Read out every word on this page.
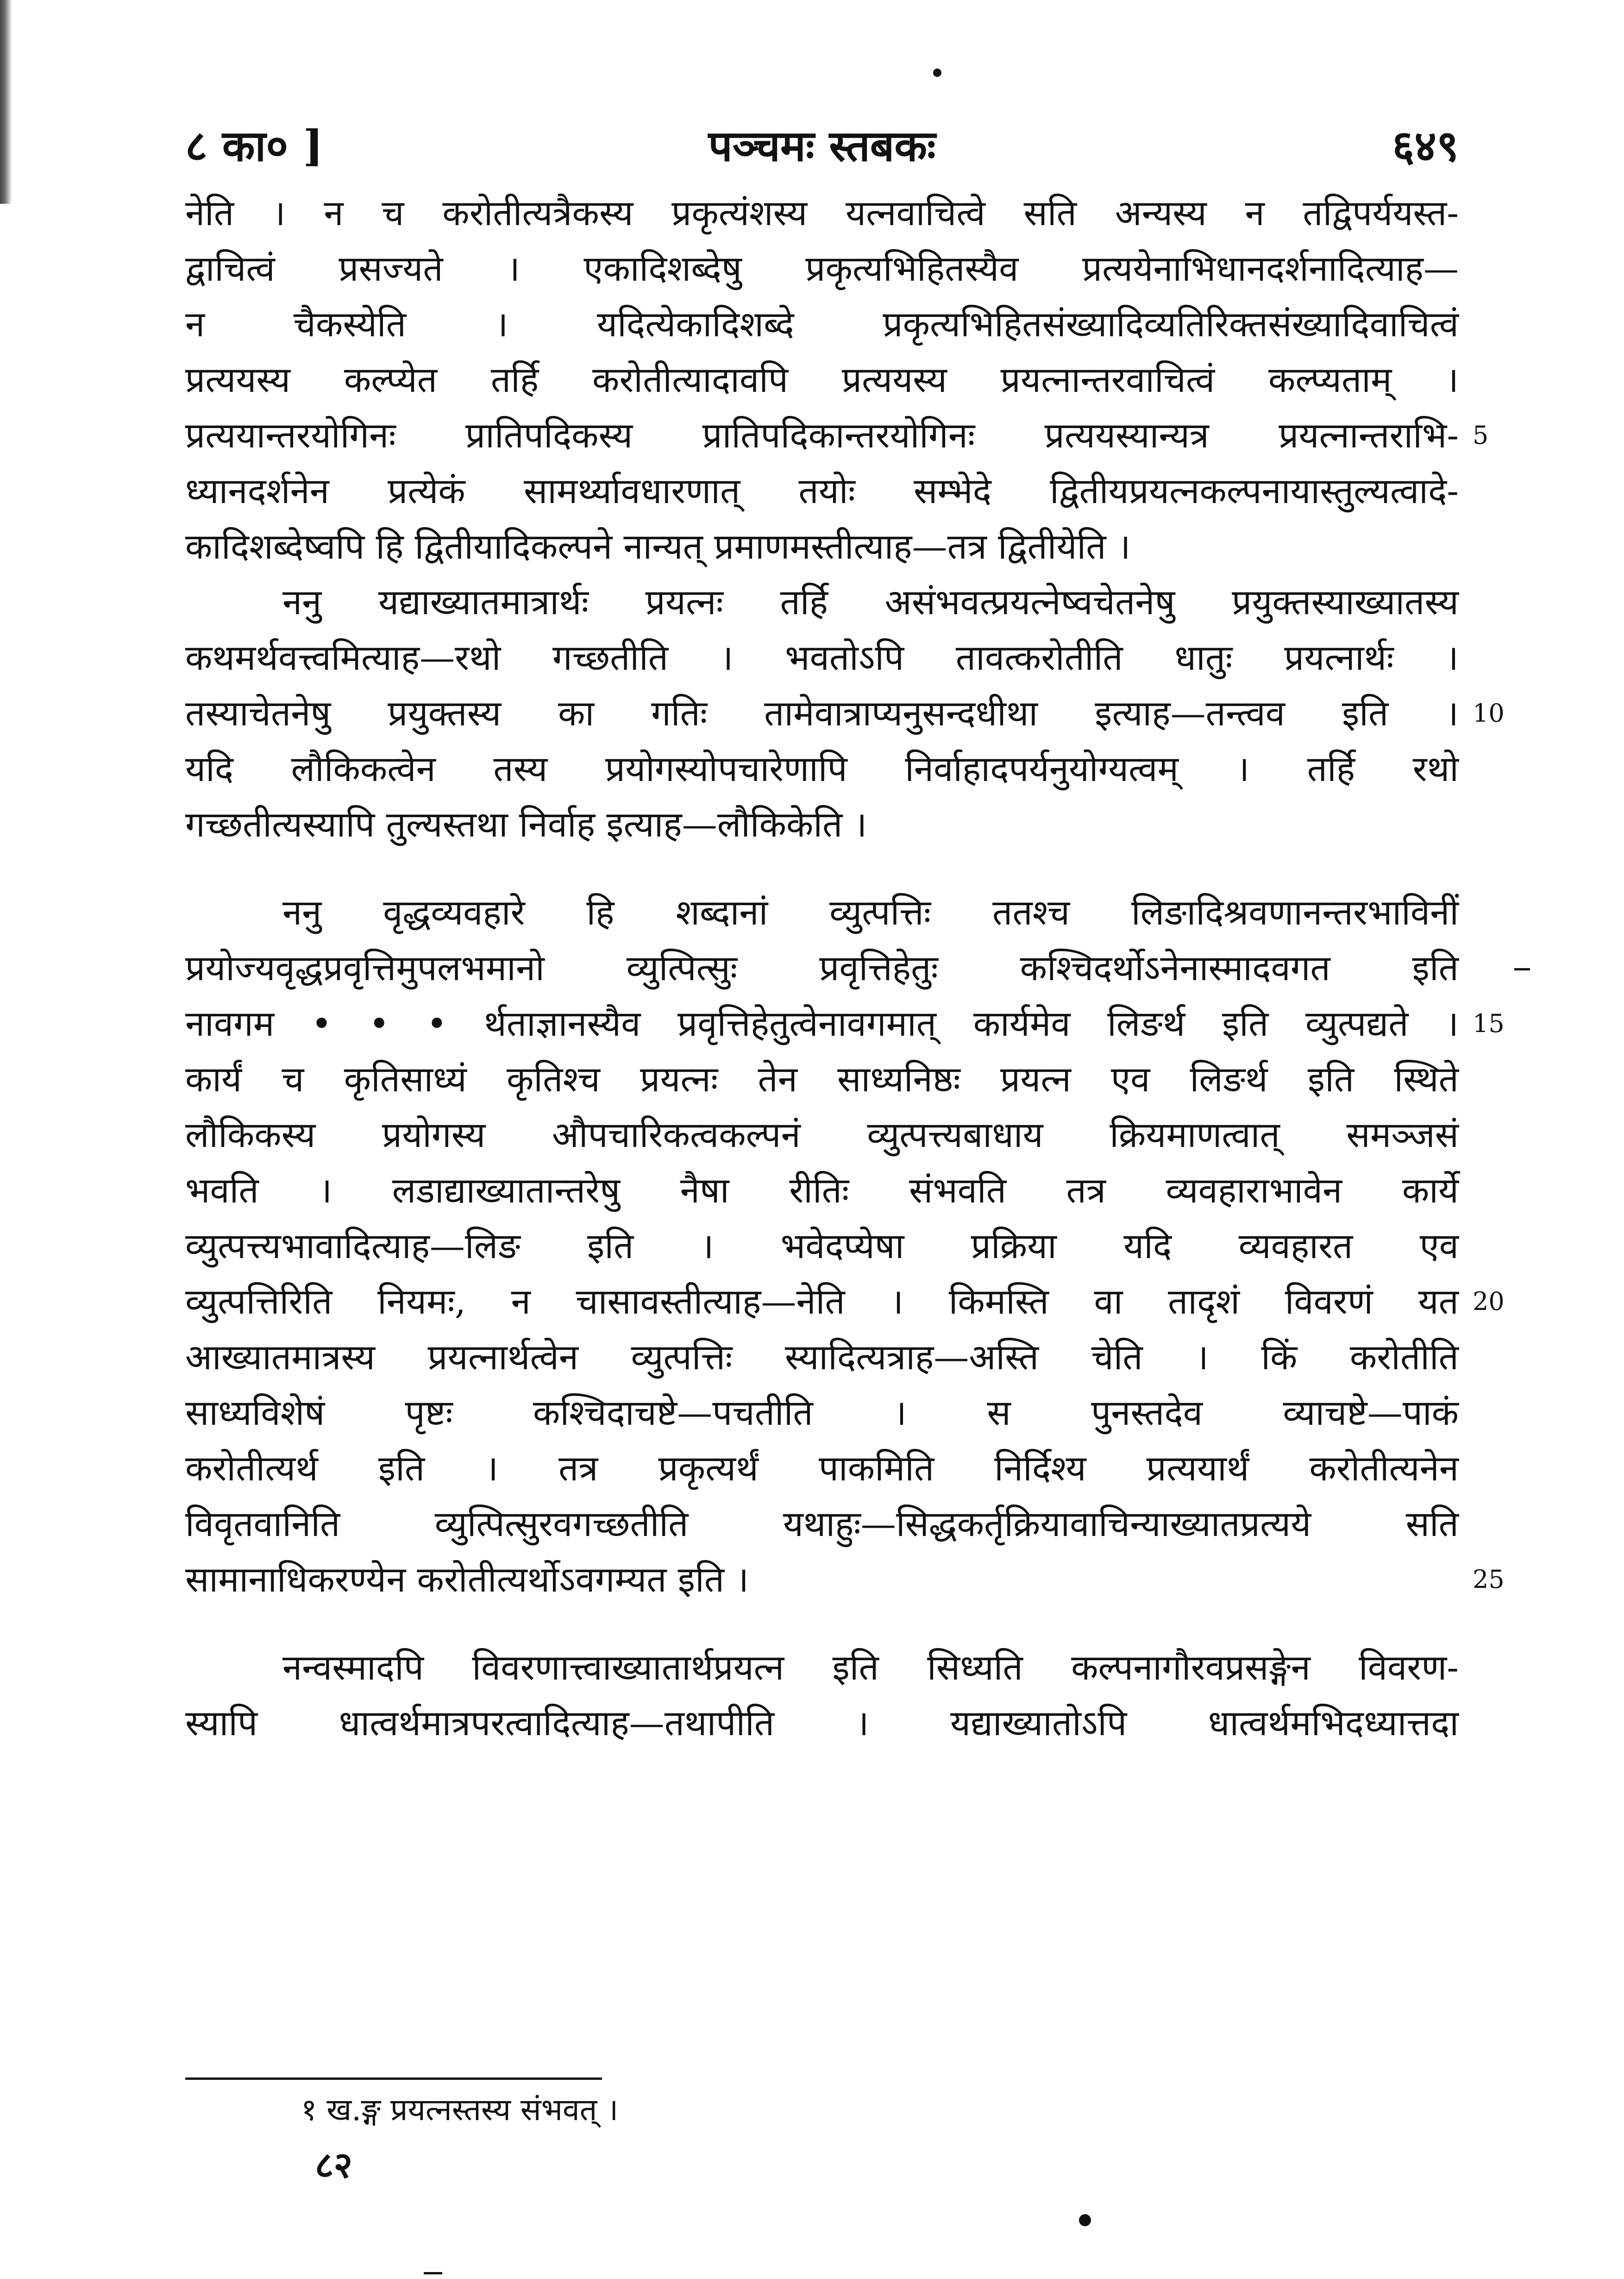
८ का० ]	पञ्चमः स्तबकः	६४९
नेति । न च करोतीत्यत्रैकस्य प्रकृत्यंशस्य यत्नवाचित्वे सति अन्यस्य न तद्विपर्ययस्त-
द्वाचित्वं प्रसज्यते । एकादिशब्देषु प्रकृत्यभिहितस्यैव प्रत्ययेनाभिधानदर्शनादित्याह—
न चैकस्येति । यदित्येकादिशब्दे प्रकृत्यभिहितसंख्यादिव्यतिरिक्तसंख्यादिवाचित्वं
प्रत्ययस्य कल्प्येत तर्हि करोतीत्यादावपि प्रत्ययस्य प्रयत्नान्तरवाचित्वं कल्प्यताम् ।
प्रत्ययान्तरयोगिनः प्रातिपदिकस्य प्रातिपदिकान्तरयोगिनः प्रत्ययस्यान्यत्र प्रयत्नान्तराभि-
ध्यानदर्शनेन प्रत्येकं सामर्थ्यावधारणात् तयोः सम्भेदे द्वितीयप्रयत्नकल्पनायास्तुल्यत्वादे-
कादिशब्देष्वपि हि द्वितीयादिकल्पने नान्यत् प्रमाणमस्तीत्याह—तत्र द्वितीयेति ।
ननु यद्याख्यातमात्रार्थः प्रयत्नः तर्हि असंभवत्प्रयत्नेष्वचेतनेषु प्रयुक्तस्याख्यातस्य
कथमर्थवत्त्वमित्याह—रथो गच्छतीति । भवतोऽपि तावत्करोतीति धातुः प्रयत्नार्थः ।
तस्याचेतनेषु प्रयुक्तस्य का गतिः तामेवात्राप्यनुसन्दधीथा इत्याह—तन्त्वव इति ।
यदि लौकिकत्वेन तस्य प्रयोगस्योपचारेणापि निर्वाहादपर्यनुयोग्यत्वम् । तर्हि रथो
गच्छतीत्यस्यापि तुल्यस्तथा निर्वाह इत्याह—लौकिकेति ।
ननु वृद्धव्यवहारे हि शब्दानां व्युत्पत्तिः ततश्च लिङादिश्रवणानन्तरभाविनीं
प्रयोज्यवृद्धप्रवृत्तिमुपलभमानो व्युत्पित्सुः प्रवृत्तिहेतुः कश्चिदर्थोऽनेनास्मादवगत इति
नावगम • • • र्थताज्ञानस्यैव प्रवृत्तिहेतुत्वेनावगमात् कार्यमेव लिङर्थ इति व्युत्पद्यते ।
कार्यं च कृतिसाध्यं कृतिश्च प्रयत्नः तेन साध्यनिष्ठः प्रयत्न एव लिङर्थ इति स्थिते
लौकिकस्य प्रयोगस्य औपचारिकत्वकल्पनं व्युत्पत्त्यबाधाय क्रियमाणत्वात् समञ्जसं
भवति । लडाद्याख्यातान्तरेषु नैषा रीतिः संभवति तत्र व्यवहाराभावेन कार्ये
व्युत्पत्त्यभावादित्याह—लिङ इति । भवेदप्येषा प्रक्रिया यदि व्यवहारत एव
व्युत्पत्तिरिति नियमः, न चासावस्तीत्याह—नेति । किमस्ति वा तादृशं विवरणं यत
आख्यातमात्रस्य प्रयत्नार्थत्वेन व्युत्पत्तिः स्यादित्यत्राह—अस्ति चेति । किं करोतीति
साध्यविशेषं पृष्टः कश्चिदाचष्टे—पचतीति । स पुनस्तदेव व्याचष्टे—पाकं
करोतीत्यर्थ इति । तत्र प्रकृत्यर्थं पाकमिति निर्दिश्य प्रत्ययार्थं करोतीत्यनेन
विवृतवानिति व्युत्पित्सुरवगच्छतीति यथाहुः—सिद्धकर्तृक्रियावाचिन्याख्यातप्रत्यये सति
सामानाधिकरण्येन करोतीत्यर्थोऽवगम्यत इति ।
नन्वस्मादपि विवरणात्त्वाख्यातार्थप्रयत्न इति सिध्यति कल्पनागौरवप्रसङ्गेन विवरण-
स्यापि धात्वर्थमात्रपरत्वादित्याह—तथापीति । यद्याख्यातोऽपि धात्वर्थमभिदध्यात्तदा
5
10
15
20
25
१ ख.ङ्ग प्रयत्नस्तस्य संभवत् ।
८२
